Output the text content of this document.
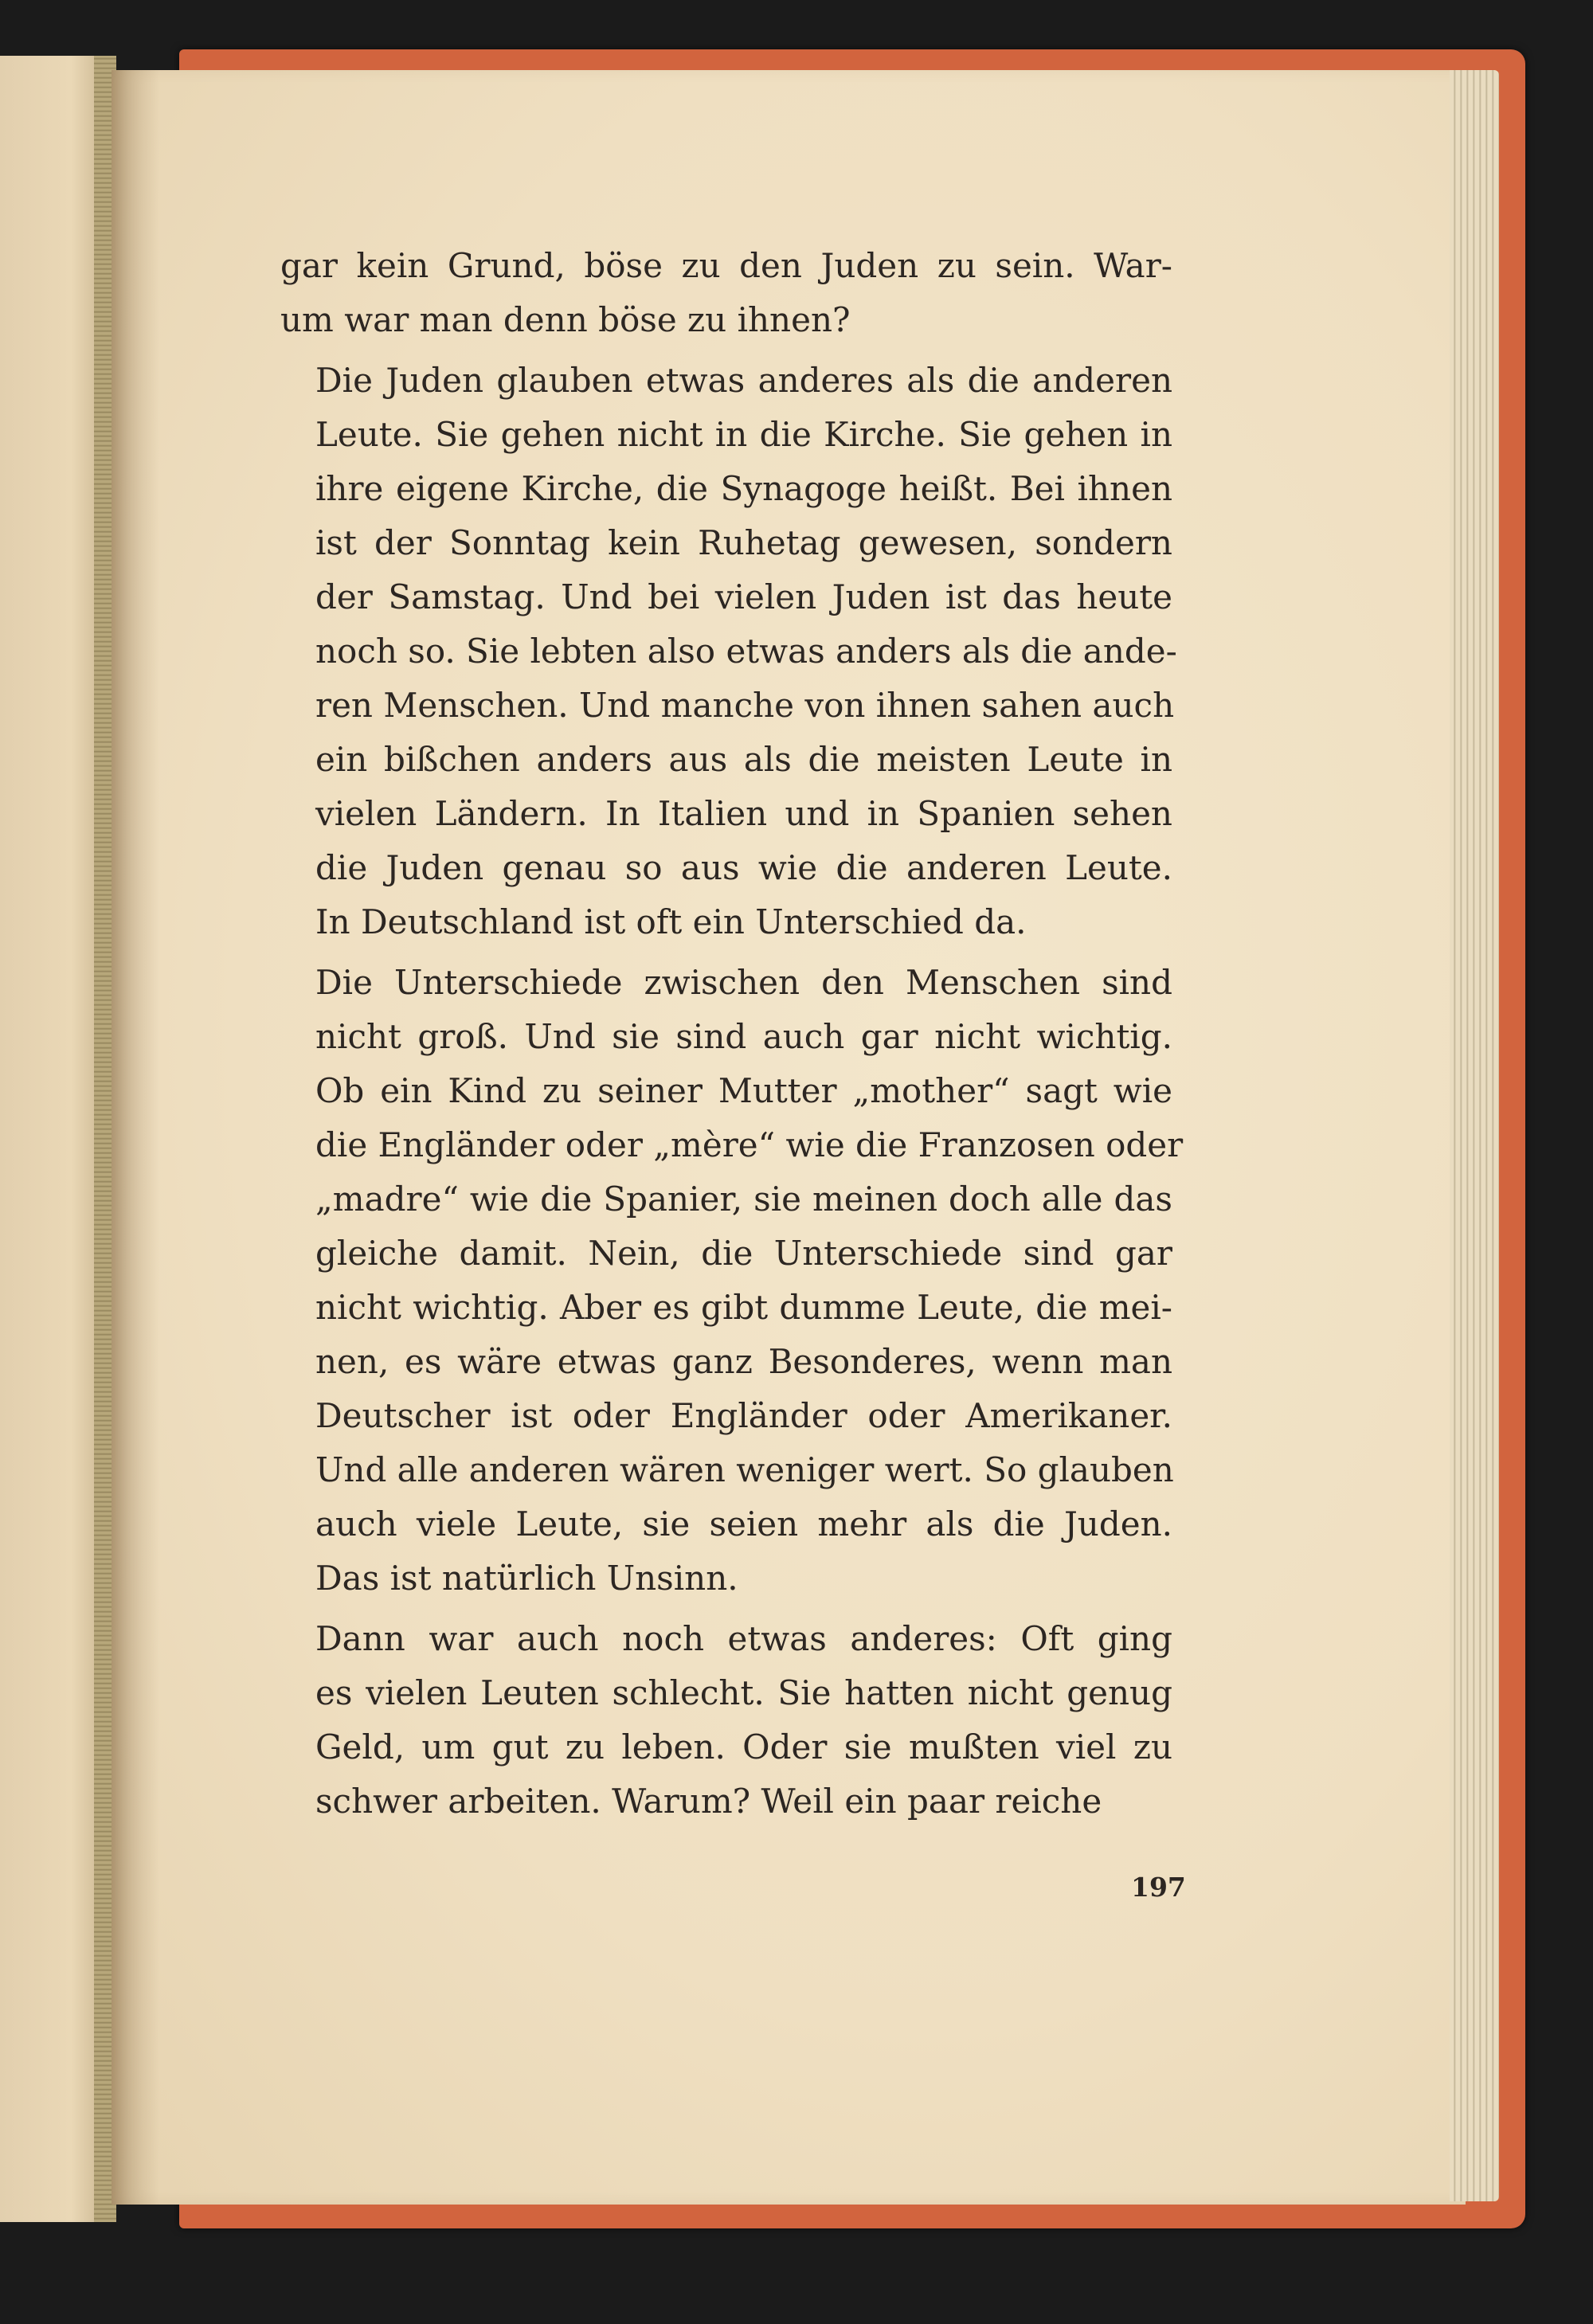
gar kein Grund, böse zu den Juden zu sein. War-
um war man denn böse zu ihnen?

Die Juden glauben etwas anderes als die anderen
Leute. Sie gehen nicht in die Kirche. Sie gehen in
ihre eigene Kirche, die Synagoge heißt. Bei ihnen
ist der Sonntag kein Ruhetag gewesen, sondern
der Samstag. Und bei vielen Juden ist das heute
noch so. Sie lebten also etwas anders als die ande-
ren Menschen. Und manche von ihnen sahen auch
ein bißchen anders aus als die meisten Leute in
vielen Ländern. In Italien und in Spanien sehen
die Juden genau so aus wie die anderen Leute.
In Deutschland ist oft ein Unterschied da.

Die Unterschiede zwischen den Menschen sind
nicht groß. Und sie sind auch gar nicht wichtig.
Ob ein Kind zu seiner Mutter „mother“ sagt wie
die Engländer oder „mère“ wie die Franzosen oder
„madre“ wie die Spanier, sie meinen doch alle das
gleiche damit. Nein, die Unterschiede sind gar
nicht wichtig. Aber es gibt dumme Leute, die mei-
nen, es wäre etwas ganz Besonderes, wenn man
Deutscher ist oder Engländer oder Amerikaner.
Und alle anderen wären weniger wert. So glauben
auch viele Leute, sie seien mehr als die Juden.
Das ist natürlich Unsinn.

Dann war auch noch etwas anderes: Oft ging
es vielen Leuten schlecht. Sie hatten nicht genug
Geld, um gut zu leben. Oder sie mußten viel zu
schwer arbeiten. Warum? Weil ein paar reiche

197
